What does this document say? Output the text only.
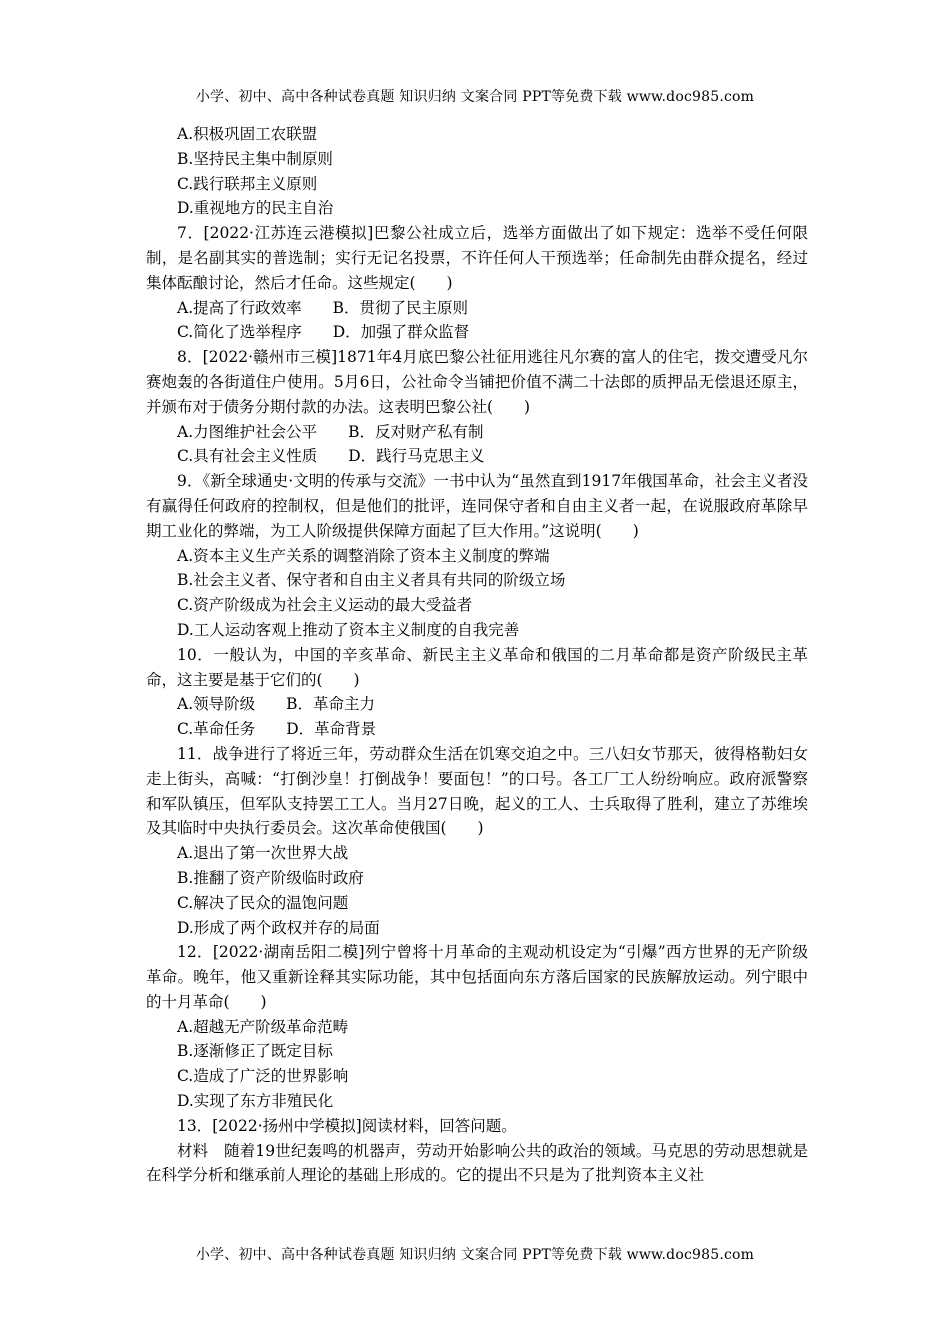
小学、初中、高中各种试卷真题 知识归纳 文案合同 PPT等免费下载 www.doc985.com
A.积极巩固工农联盟
B.坚持民主集中制原则
C.践行联邦主义原则
D.重视地方的民主自治
7．[2022·江苏连云港模拟]巴黎公社成立后，选举方面做出了如下规定：选举不受任何限制，是名副其实的普选制；实行无记名投票，不许任何人干预选举；任命制先由群众提名，经过集体酝酿讨论，然后才任命。这些规定(　　)
A.提高了行政效率　　B．贯彻了民主原则
C.简化了选举程序　　D．加强了群众监督
8．[2022·赣州市三模]1871年4月底巴黎公社征用逃往凡尔赛的富人的住宅，拨交遭受凡尔赛炮轰的各街道住户使用。5月6日，公社命令当铺把价值不满二十法郎的质押品无偿退还原主，并颁布对于债务分期付款的办法。这表明巴黎公社(　　)
A.力图维护社会公平　　B．反对财产私有制
C.具有社会主义性质　　D．践行马克思主义
9．《新全球通史·文明的传承与交流》一书中认为“虽然直到1917年俄国革命，社会主义者没有赢得任何政府的控制权，但是他们的批评，连同保守者和自由主义者一起，在说服政府革除早期工业化的弊端，为工人阶级提供保障方面起了巨大作用。”这说明(　　)
A.资本主义生产关系的调整消除了资本主义制度的弊端
B.社会主义者、保守者和自由主义者具有共同的阶级立场
C.资产阶级成为社会主义运动的最大受益者
D.工人运动客观上推动了资本主义制度的自我完善
10．一般认为，中国的辛亥革命、新民主主义革命和俄国的二月革命都是资产阶级民主革命，这主要是基于它们的(　　)
A.领导阶级　　B．革命主力
C.革命任务　　D．革命背景
11．战争进行了将近三年，劳动群众生活在饥寒交迫之中。三八妇女节那天，彼得格勒妇女走上街头，高喊：“打倒沙皇！打倒战争！要面包！”的口号。各工厂工人纷纷响应。政府派警察和军队镇压，但军队支持罢工工人。当月27日晚，起义的工人、士兵取得了胜利，建立了苏维埃及其临时中央执行委员会。这次革命使俄国(　　)
A.退出了第一次世界大战
B.推翻了资产阶级临时政府
C.解决了民众的温饱问题
D.形成了两个政权并存的局面
12．[2022·湖南岳阳二模]列宁曾将十月革命的主观动机设定为“引爆”西方世界的无产阶级革命。晚年，他又重新诠释其实际功能，其中包括面向东方落后国家的民族解放运动。列宁眼中的十月革命(　　)
A.超越无产阶级革命范畴
B.逐渐修正了既定目标
C.造成了广泛的世界影响
D.实现了东方非殖民化
13．[2022·扬州中学模拟]阅读材料，回答问题。
材料　随着19世纪轰鸣的机器声，劳动开始影响公共的政治的领域。马克思的劳动思想就是在科学分析和继承前人理论的基础上形成的。它的提出不只是为了批判资本主义社
小学、初中、高中各种试卷真题 知识归纳 文案合同 PPT等免费下载 www.doc985.com
